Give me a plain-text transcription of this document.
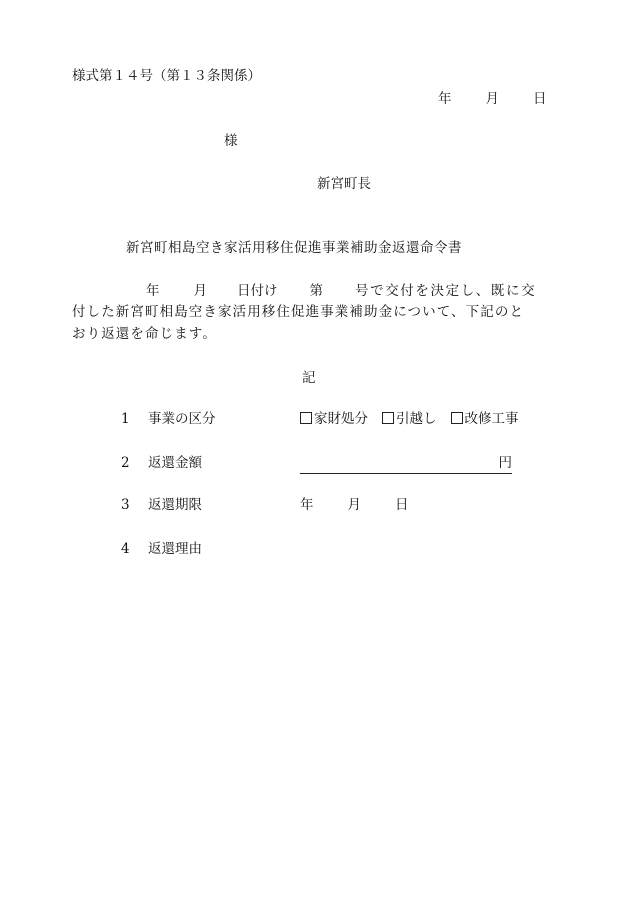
様式第１４号（第１３条関係）
年	月	日
様
新宮町長
新宮町相島空き家活用移住促進事業補助金返還命令書
年	月 日付け 第 号で交付を決定し、既に交
付した新宮町相島空き家活用移住促進事業補助金について、下記のと
おり返還を命じます。
記
1 事業の区分	家財処分 引越し 改修工事
2 返還金額	円
3 返還期限	年	月	日
4 返還理由
